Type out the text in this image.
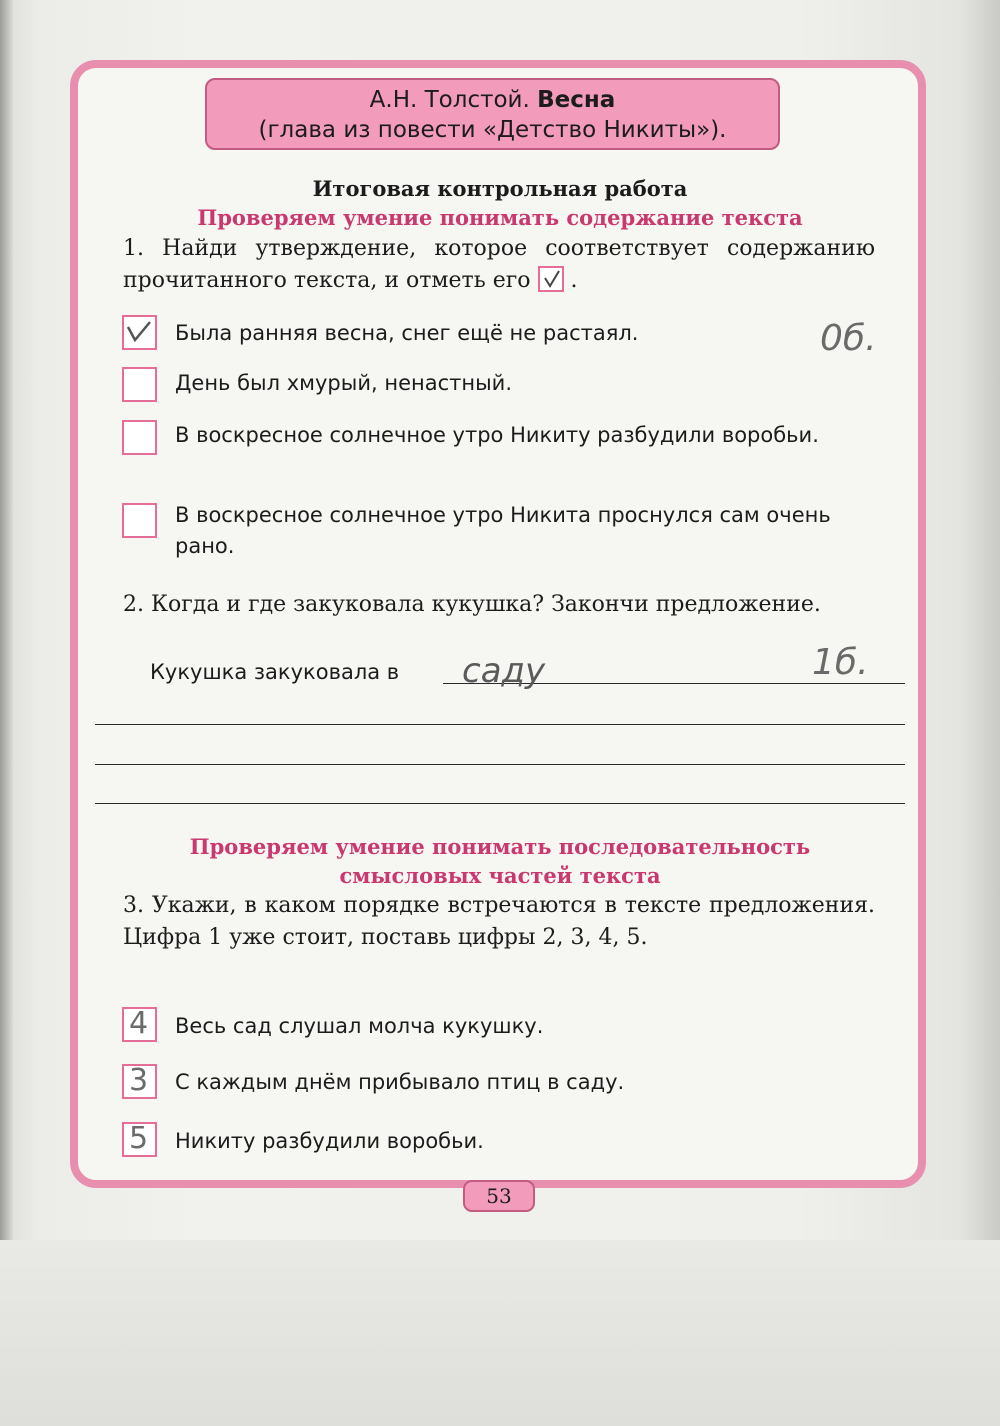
А.Н. Толстой. Весна
(глава из повести «Детство Никиты»).
Итоговая контрольная работа
Проверяем умение понимать содержание текста
1. Найди утверждение, которое соответствует содержанию прочитанного текста, и отметь его .
Была ранняя весна, снег ещё не растаял.
День был хмурый, ненастный.
В воскресное солнечное утро Никиту разбудили воробьи.
В воскресное солнечное утро Никита проснулся сам очень рано.
0б.
2. Когда и где закуковала кукушка? Закончи предложение.
Кукушка закуковала в	саду	1б.
Проверяем умение понимать последовательность
смысловых частей текста
3. Укажи, в каком порядке встречаются в тексте предложения. Цифра 1 уже стоит, поставь цифры 2, 3, 4, 5.
4 Весь сад слушал молча кукушку.
3 С каждым днём прибывало птиц в саду.
5 Никиту разбудили воробьи.
53
